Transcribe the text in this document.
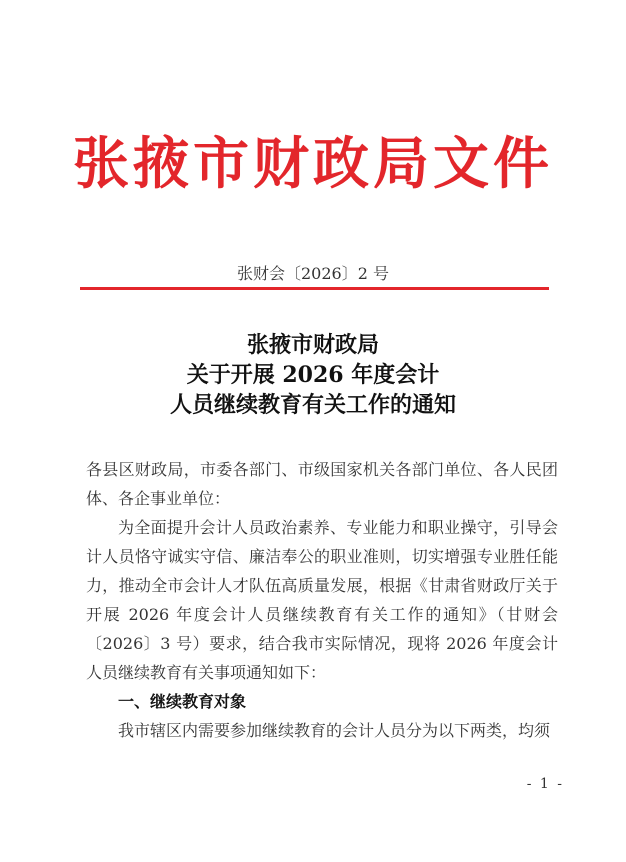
张掖市财政局文件
张财会〔2026〕2 号
张掖市财政局
关于开展 2026 年度会计
人员继续教育有关工作的通知

各县区财政局，市委各部门、市级国家机关各部门单位、各人民团体、各企事业单位：

为全面提升会计人员政治素养、专业能力和职业操守，引导会计人员恪守诚实守信、廉洁奉公的职业准则，切实增强专业胜任能力，推动全市会计人才队伍高质量发展，根据《甘肃省财政厅关于开展 2026 年度会计人员继续教育有关工作的通知》（甘财会〔2026〕3 号）要求，结合我市实际情况，现将 2026 年度会计人员继续教育有关事项通知如下：

一、继续教育对象

我市辖区内需要参加继续教育的会计人员分为以下两类，均须

- 1 -
